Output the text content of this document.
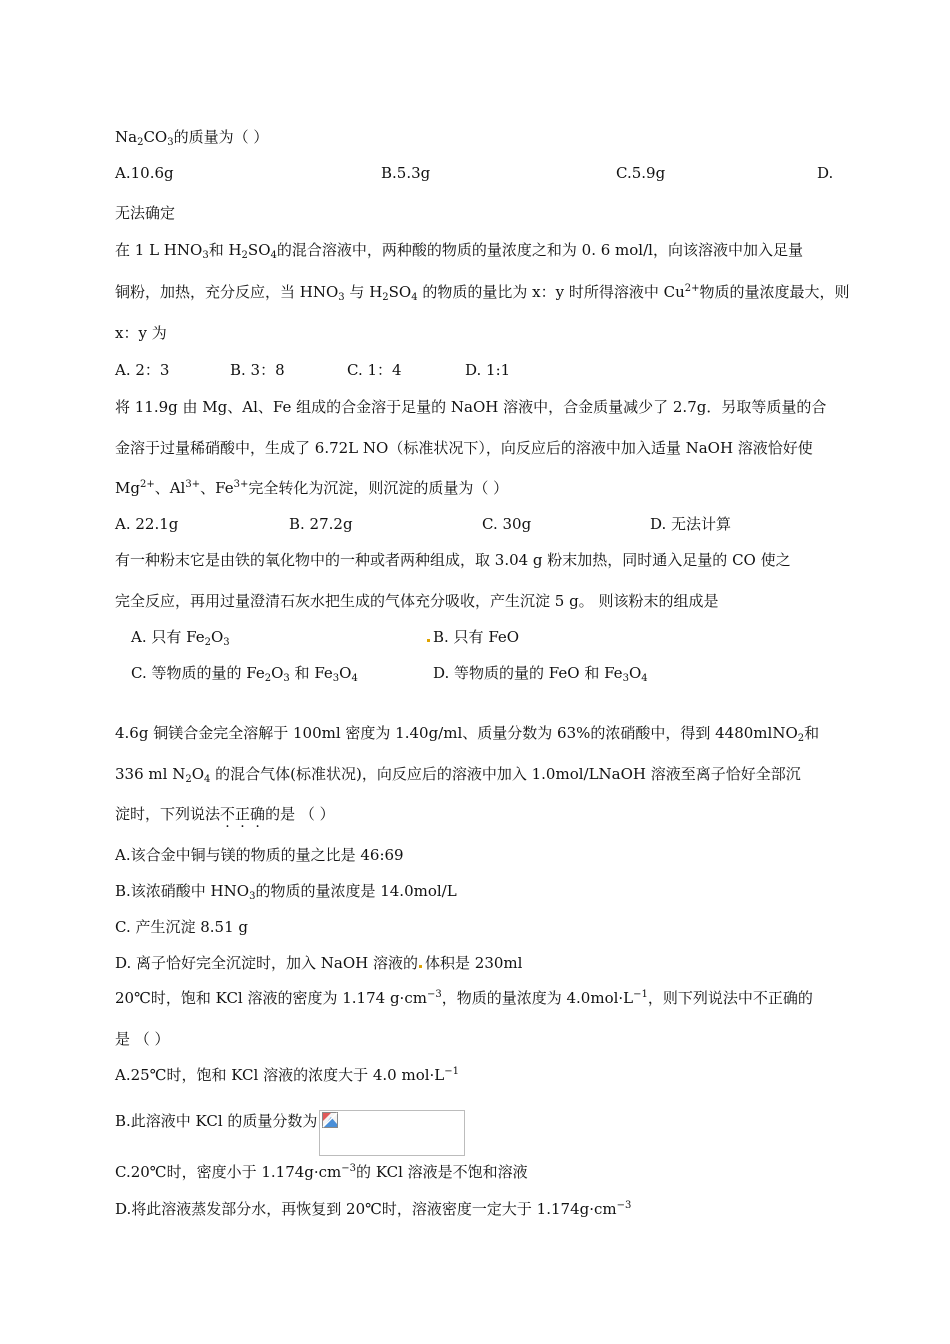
$Na_2CO_3$的质量为（ ）
A.10.6g	B.5.3g	C.5.9g	D.
无法确定
在 1 L $HNO_3$和 $H_2SO_4$的混合溶液中，两种酸的物质的量浓度之和为 0. 6 mol/l，向该溶液中加入足量
铜粉，加热，充分反应，当 $HNO_3$ 与 $H_2SO_4$ 的物质的量比为 x：y 时所得溶液中 $Cu^{2+}$物质的量浓度最大，则
x：y 为
A. 2：3	B. 3：8	C. 1：4	D. 1:1
将 11.9g 由 Mg、Al、Fe 组成的合金溶于足量的 NaOH 溶液中，合金质量减少了 2.7g．另取等质量的合
金溶于过量稀硝酸中，生成了 6.72L NO（标准状况下），向反应后的溶液中加入适量 NaOH 溶液恰好使
$Mg^{2+}$、$Al^{3+}$、$Fe^{3+}$完全转化为沉淀，则沉淀的质量为（ ）
A. 22.1g	B. 27.2g	C. 30g	D. 无法计算
有一种粉末它是由铁的氧化物中的一种或者两种组成，取 3.04 g 粉末加热，同时通入足量的 CO 使之
完全反应，再用过量澄清石灰水把生成的气体充分吸收，产生沉淀 5 g。 则该粉末的组成是
A. 只有 $Fe_2O_3$	B. 只有 FeO
C. 等物质的量的 $Fe_2O_3$ 和 $Fe_3O_4$	D. 等物质的量的 FeO 和 $Fe_3O_4$
4.6g 铜镁合金完全溶解于 100ml 密度为 1.40g/ml、质量分数为 63%的浓硝酸中，得到 4480mlNO$_2$和
336 ml $N_2O_4$ 的混合气体(标准状况)，向反应后的溶液中加入 1.0mol/LNaOH 溶液至离子恰好全部沉
淀时，下列说法不正确的是 （ ）
A.该合金中铜与镁的物质的量之比是 46:69
B.该浓硝酸中 $HNO_3$的物质的量浓度是 14.0mol/L
C. 产生沉淀 8.51 g
D. 离子恰好完全沉淀时，加入 NaOH 溶液的 体积是 230ml
20℃时，饱和 KCl 溶液的密度为 1.174 $g\cdot cm^{-3}$，物质的量浓度为 $4.0mol\cdot L^{-1}$，则下列说法中不正确的
是 （ ）
A.25℃时，饱和 KCl 溶液的浓度大于 4.0 $mol\cdot L^{-1}$
B.此溶液中 KCl 的质量分数为
C.20℃时，密度小于 $1.174g\cdot cm^{-3}$的 KCl 溶液是不饱和溶液
D.将此溶液蒸发部分水，再恢复到 20℃时，溶液密度一定大于 $1.174g\cdot cm^{-3}$
